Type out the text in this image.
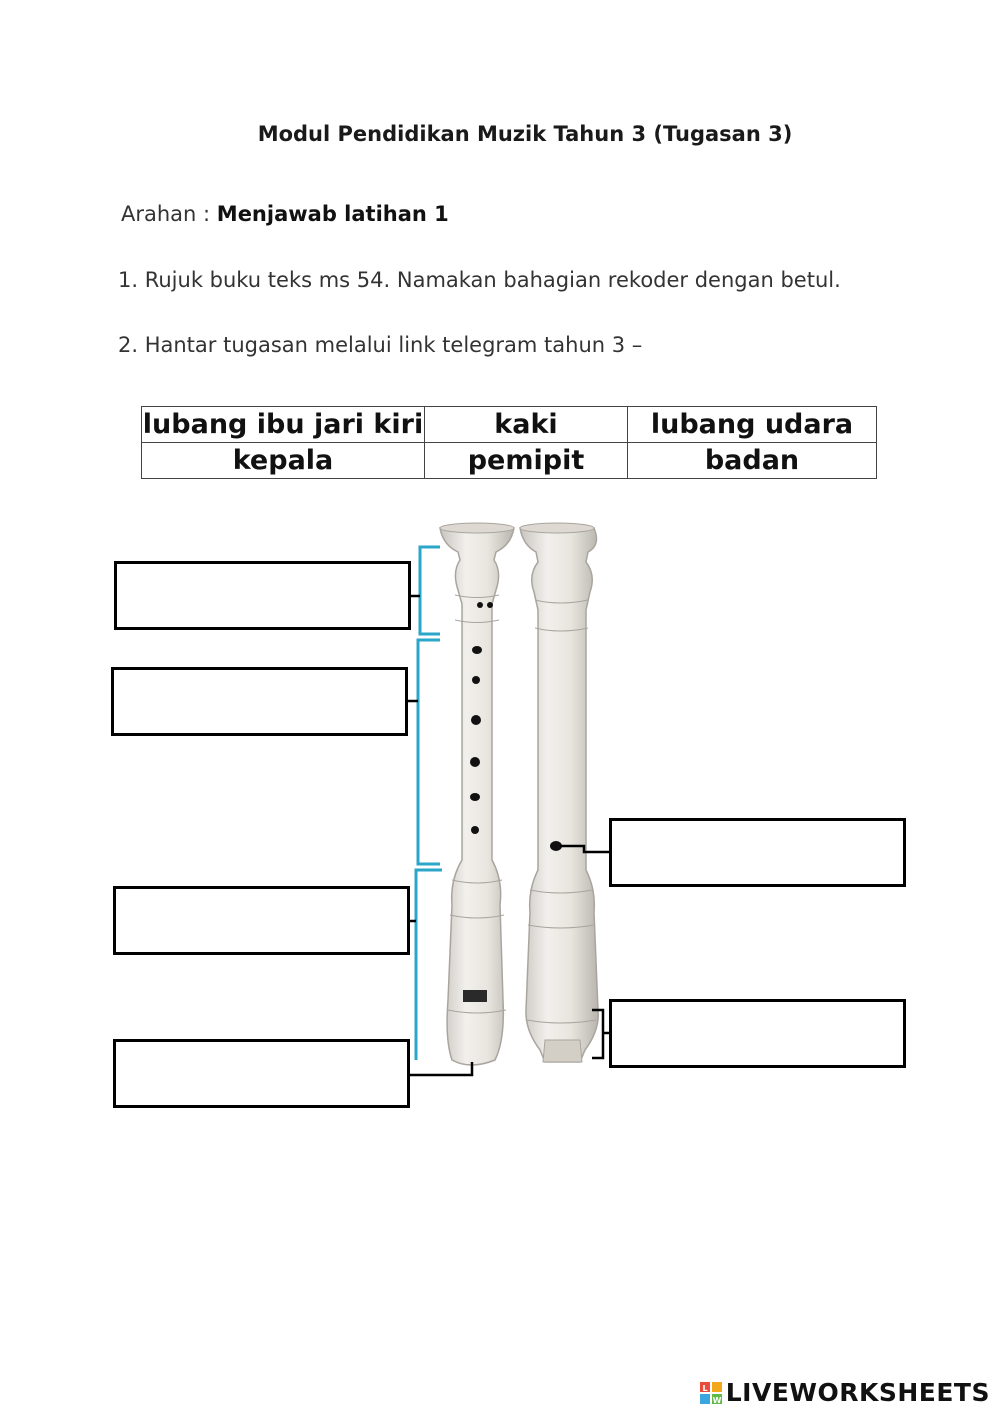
Modul Pendidikan Muzik Tahun 3 (Tugasan 3)
Arahan : Menjawab latihan 1
1. Rujuk buku teks ms 54. Namakan bahagian rekoder dengan betul.
2. Hantar tugasan melalui link telegram tahun 3 –
lubang ibu jari kiri	kaki	lubang udara
kepala	pemipit	badan
L
W LIVEWORKSHEETS
